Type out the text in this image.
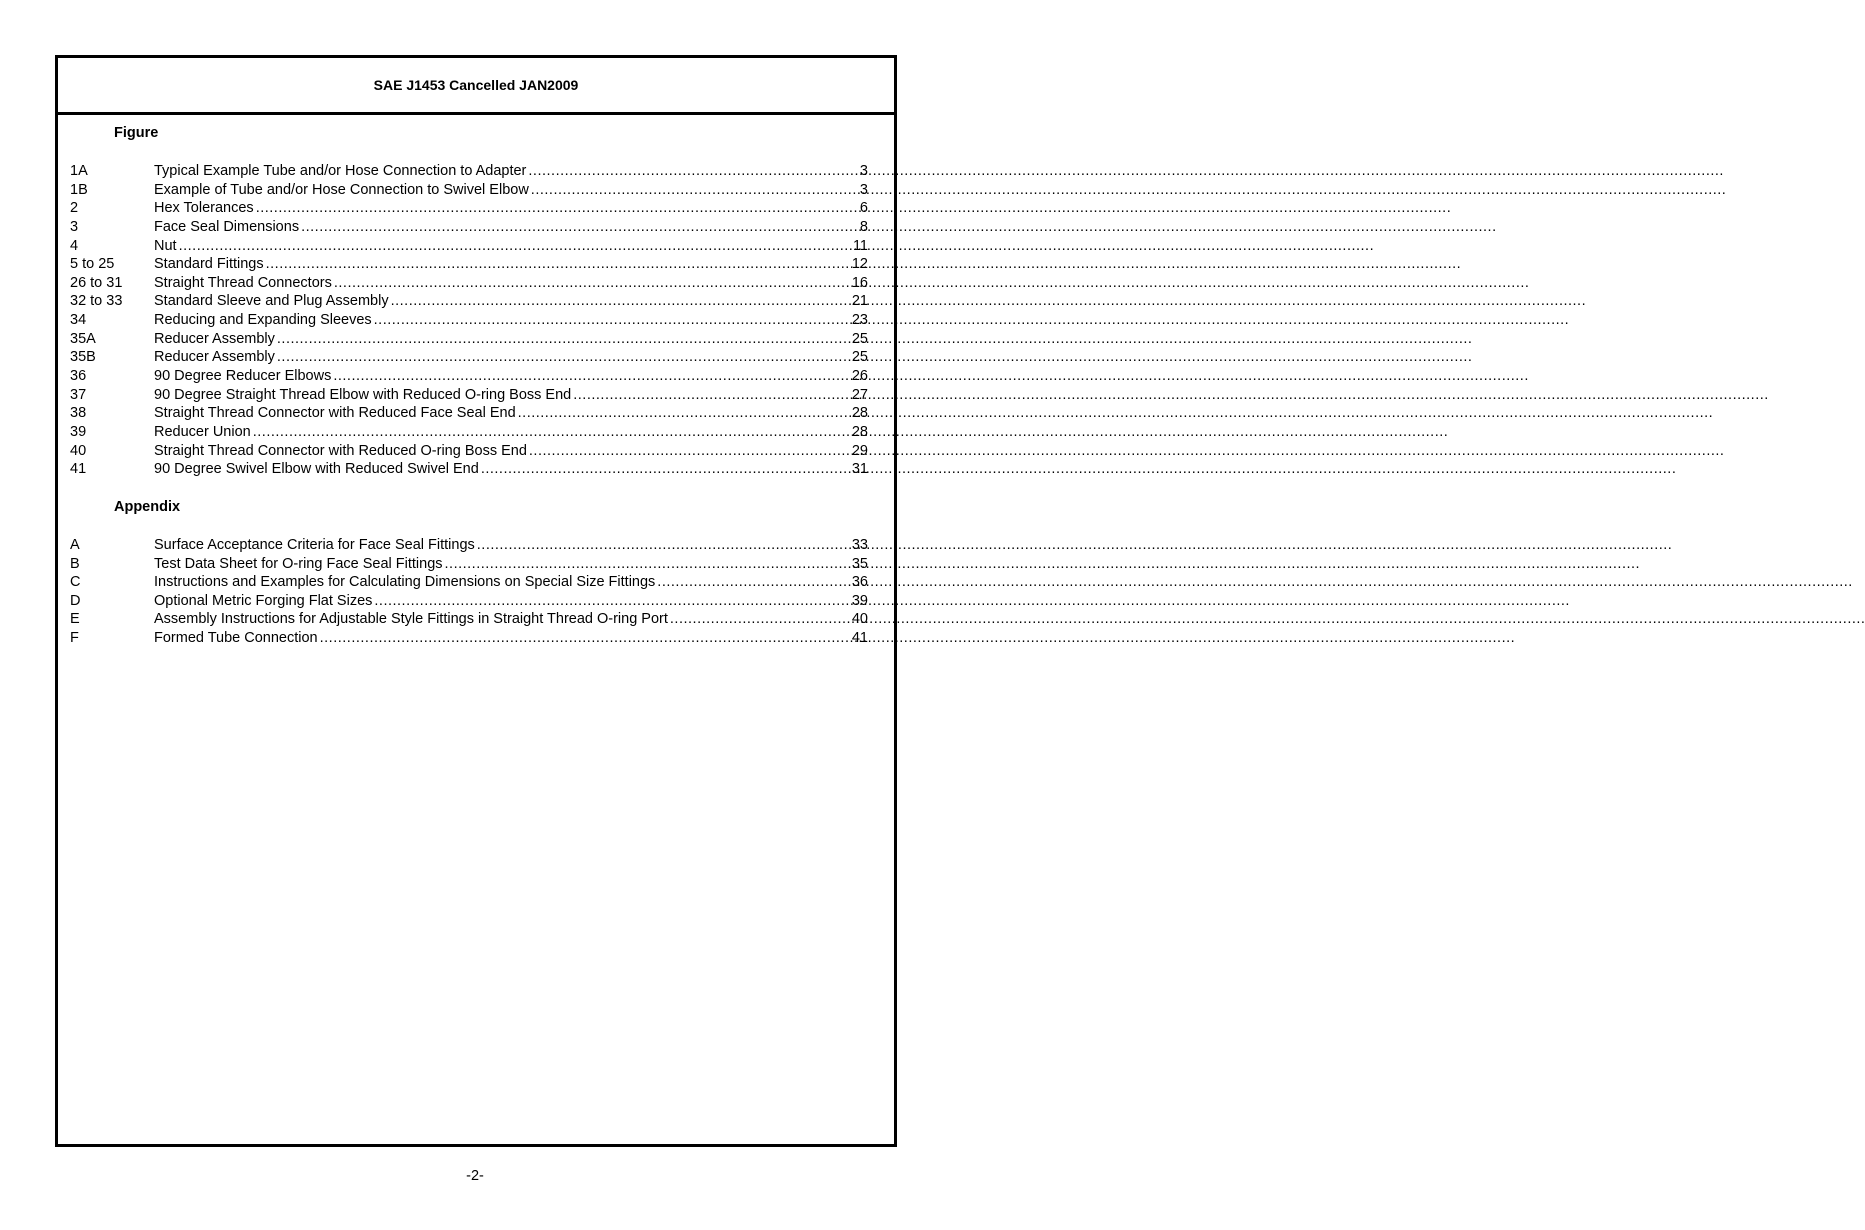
SAE J1453 Cancelled JAN2009
Figure
1A	Typical Example Tube and/or Hose Connection to Adapter .....	3
1B	Example of Tube and/or Hose Connection to Swivel Elbow .....	3
2	Hex Tolerances .....	6
3	Face Seal Dimensions .....	8
4	Nut .....	11
5 to 25	Standard Fittings .....	12
26 to 31	Straight Thread Connectors .....	16
32 to 33	Standard Sleeve and Plug Assembly .....	21
34	Reducing and Expanding Sleeves .....	23
35A	Reducer Assembly .....	25
35B	Reducer Assembly .....	25
36	90 Degree Reducer Elbows .....	26
37	90 Degree Straight Thread Elbow with Reduced O-ring Boss End .....	27
38	Straight Thread Connector with Reduced Face Seal End .....	28
39	Reducer Union .....	28
40	Straight Thread Connector with Reduced O-ring Boss End .....	29
41	90 Degree Swivel Elbow with Reduced Swivel End .....	31
Appendix
A	Surface Acceptance Criteria for Face Seal Fittings .....	33
B	Test Data Sheet for O-ring Face Seal Fittings .....	35
C	Instructions and Examples for Calculating Dimensions on Special Size Fittings .....	36
D	Optional Metric Forging Flat Sizes .....	39
E	Assembly Instructions for Adjustable Style Fittings in Straight Thread O-ring Port .....	40
F	Formed Tube Connection .....	41
-2-
